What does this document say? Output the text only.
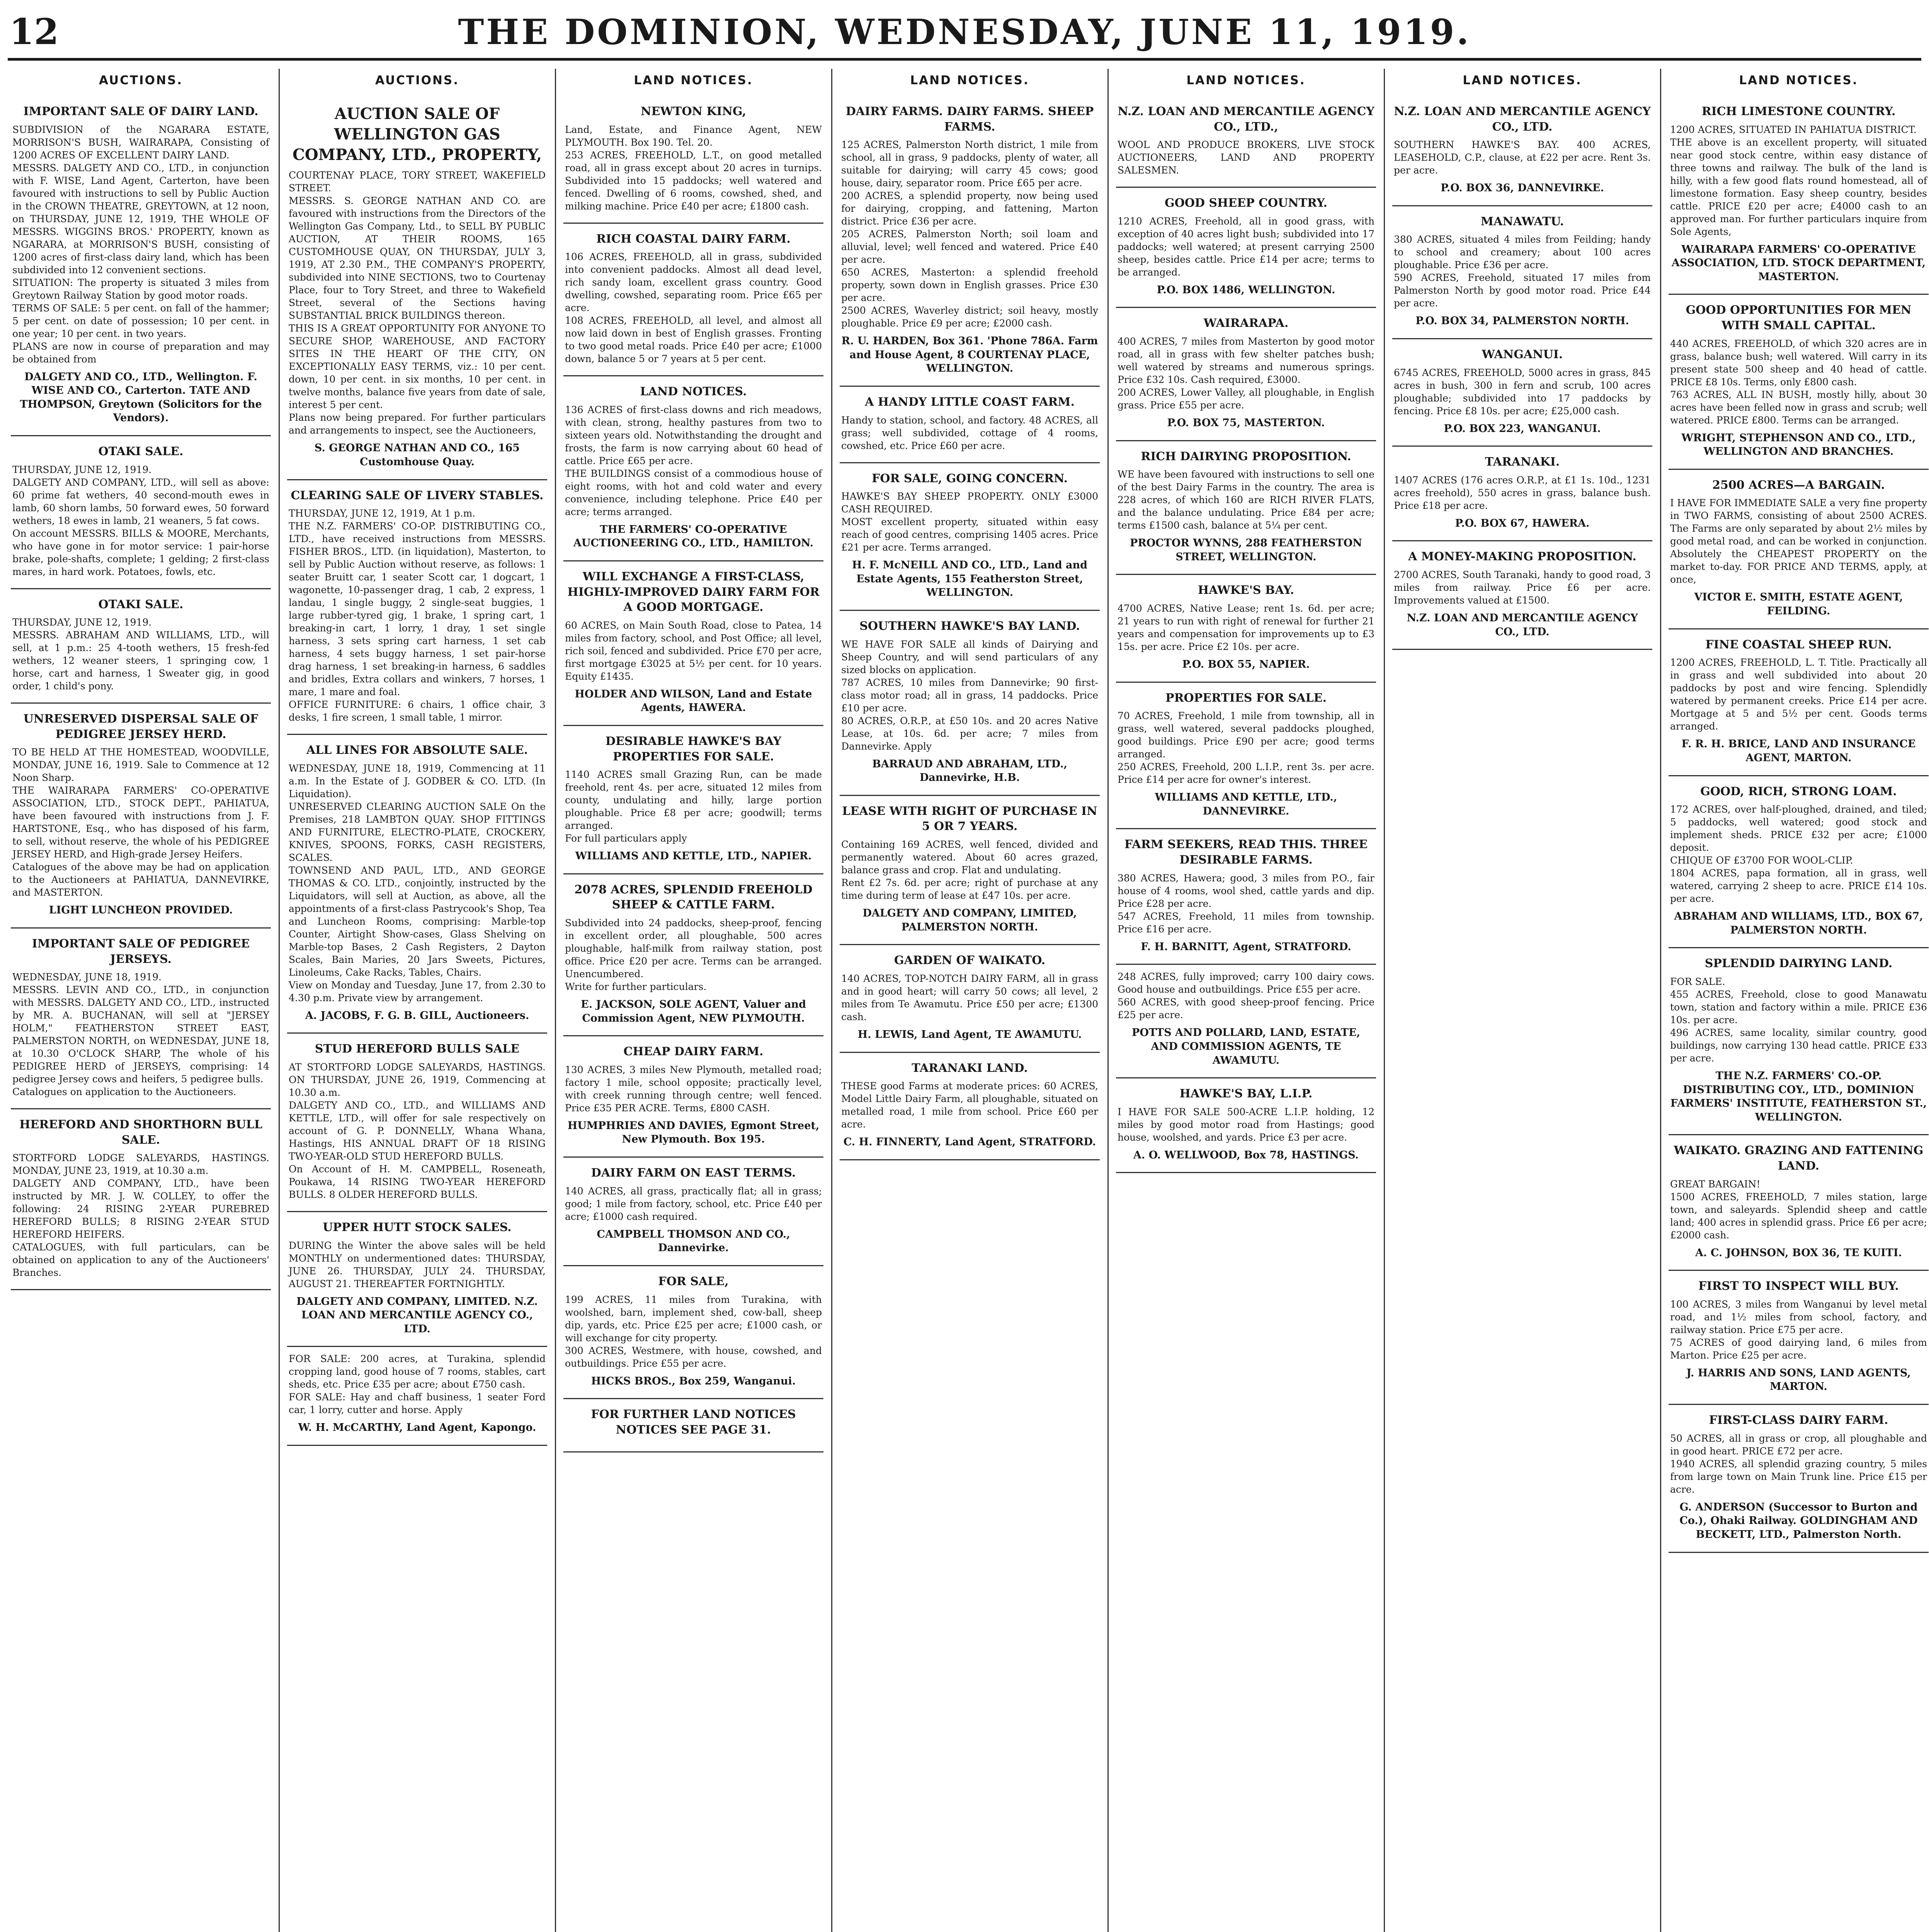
12	THE DOMINION, WEDNESDAY, JUNE 11, 1919.
AUCTIONS.
IMPORTANT SALE OF DAIRY LAND.
SUBDIVISION of the NGARARA ESTATE, MORRISON'S BUSH, WAIRARAPA, Consisting of 1200 ACRES OF EXCELLENT DAIRY LAND.
MESSRS. DALGETY AND CO., LTD., in conjunction with F. WISE, Land Agent, Carterton, have been favoured with instructions to sell by Public Auction in the CROWN THEATRE, GREYTOWN, at 12 noon, on THURSDAY, JUNE 12, 1919, THE WHOLE OF MESSRS. WIGGINS BROS.' PROPERTY, known as NGARARA, at MORRISON'S BUSH, consisting of 1200 acres of first-class dairy land, which has been subdivided into 12 convenient sections.
SITUATION: The property is situated 3 miles from Greytown Railway Station by good motor roads.
TERMS OF SALE: 5 per cent. on fall of the hammer; 5 per cent. on date of possession; 10 per cent. in one year; 10 per cent. in two years.
PLANS are now in course of preparation and may be obtained from
DALGETY AND CO., LTD., Wellington. F. WISE AND CO., Carterton. TATE AND THOMPSON, Greytown (Solicitors for the Vendors).
OTAKI SALE.
THURSDAY, JUNE 12, 1919.
DALGETY AND COMPANY, LTD., will sell as above: 60 prime fat wethers, 40 second-mouth ewes in lamb, 60 shorn lambs, 50 forward ewes, 50 forward wethers, 18 ewes in lamb, 21 weaners, 5 fat cows.
On account MESSRS. BILLS & MOORE, Merchants, who have gone in for motor service: 1 pair-horse brake, pole-shafts, complete; 1 gelding; 2 first-class mares, in hard work. Potatoes, fowls, etc.
OTAKI SALE.
THURSDAY, JUNE 12, 1919.
MESSRS. ABRAHAM AND WILLIAMS, LTD., will sell, at 1 p.m.: 25 4-tooth wethers, 15 fresh-fed wethers, 12 weaner steers, 1 springing cow, 1 horse, cart and harness, 1 Sweater gig, in good order, 1 child's pony.
UNRESERVED DISPERSAL SALE OF PEDIGREE JERSEY HERD.
TO BE HELD AT THE HOMESTEAD, WOODVILLE, MONDAY, JUNE 16, 1919. Sale to Commence at 12 Noon Sharp.
THE WAIRARAPA FARMERS' CO-OPERATIVE ASSOCIATION, LTD., STOCK DEPT., PAHIATUA, have been favoured with instructions from J. F. HARTSTONE, Esq., who has disposed of his farm, to sell, without reserve, the whole of his PEDIGREE JERSEY HERD, and High-grade Jersey Heifers.
Catalogues of the above may be had on application to the Auctioneers at PAHIATUA, DANNEVIRKE, and MASTERTON.
LIGHT LUNCHEON PROVIDED.
IMPORTANT SALE OF PEDIGREE JERSEYS.
WEDNESDAY, JUNE 18, 1919.
MESSRS. LEVIN AND CO., LTD., in conjunction with MESSRS. DALGETY AND CO., LTD., instructed by MR. A. BUCHANAN, will sell at "JERSEY HOLM," FEATHERSTON STREET EAST, PALMERSTON NORTH, on WEDNESDAY, JUNE 18, at 10.30 O'CLOCK SHARP, The whole of his PEDIGREE HERD of JERSEYS, comprising: 14 pedigree Jersey cows and heifers, 5 pedigree bulls.
Catalogues on application to the Auctioneers.
HEREFORD AND SHORTHORN BULL SALE.
STORTFORD LODGE SALEYARDS, HASTINGS. MONDAY, JUNE 23, 1919, at 10.30 a.m.
DALGETY AND COMPANY, LTD., have been instructed by MR. J. W. COLLEY, to offer the following: 24 RISING 2-YEAR PUREBRED HEREFORD BULLS; 8 RISING 2-YEAR STUD HEREFORD HEIFERS.
CATALOGUES, with full particulars, can be obtained on application to any of the Auctioneers' Branches.
AUCTIONS.
AUCTION SALE OF WELLINGTON GAS COMPANY, LTD., PROPERTY,
COURTENAY PLACE, TORY STREET, WAKEFIELD STREET.
MESSRS. S. GEORGE NATHAN AND CO. are favoured with instructions from the Directors of the Wellington Gas Company, Ltd., to SELL BY PUBLIC AUCTION, AT THEIR ROOMS, 165 CUSTOMHOUSE QUAY, ON THURSDAY, JULY 3, 1919, AT 2.30 P.M., THE COMPANY'S PROPERTY, subdivided into NINE SECTIONS, two to Courtenay Place, four to Tory Street, and three to Wakefield Street, several of the Sections having SUBSTANTIAL BRICK BUILDINGS thereon.
THIS IS A GREAT OPPORTUNITY FOR ANYONE TO SECURE SHOP, WAREHOUSE, AND FACTORY SITES IN THE HEART OF THE CITY, ON EXCEPTIONALLY EASY TERMS, viz.: 10 per cent. down, 10 per cent. in six months, 10 per cent. in twelve months, balance five years from date of sale, interest 5 per cent.
Plans now being prepared. For further particulars and arrangements to inspect, see the Auctioneers,
S. GEORGE NATHAN AND CO., 165 Customhouse Quay.
CLEARING SALE OF LIVERY STABLES.
THURSDAY, JUNE 12, 1919, At 1 p.m.
THE N.Z. FARMERS' CO-OP. DISTRIBUTING CO., LTD., have received instructions from MESSRS. FISHER BROS., LTD. (in liquidation), Masterton, to sell by Public Auction without reserve, as follows: 1 seater Bruitt car, 1 seater Scott car, 1 dogcart, 1 wagonette, 10-passenger drag, 1 cab, 2 express, 1 landau, 1 single buggy, 2 single-seat buggies, 1 large rubber-tyred gig, 1 brake, 1 spring cart, 1 breaking-in cart, 1 lorry, 1 dray, 1 set single harness, 3 sets spring cart harness, 1 set cab harness, 4 sets buggy harness, 1 set pair-horse drag harness, 1 set breaking-in harness, 6 saddles and bridles, Extra collars and winkers, 7 horses, 1 mare, 1 mare and foal.
OFFICE FURNITURE: 6 chairs, 1 office chair, 3 desks, 1 fire screen, 1 small table, 1 mirror.
ALL LINES FOR ABSOLUTE SALE.
WEDNESDAY, JUNE 18, 1919, Commencing at 11 a.m. In the Estate of J. GODBER & CO. LTD. (In Liquidation).
UNRESERVED CLEARING AUCTION SALE On the Premises, 218 LAMBTON QUAY. SHOP FITTINGS AND FURNITURE, ELECTRO-PLATE, CROCKERY, KNIVES, SPOONS, FORKS, CASH REGISTERS, SCALES.
TOWNSEND AND PAUL, LTD., AND GEORGE THOMAS & CO. LTD., conjointly, instructed by the Liquidators, will sell at Auction, as above, all the appointments of a first-class Pastrycook's Shop, Tea and Luncheon Rooms, comprising: Marble-top Counter, Airtight Show-cases, Glass Shelving on Marble-top Bases, 2 Cash Registers, 2 Dayton Scales, Bain Maries, 20 Jars Sweets, Pictures, Linoleums, Cake Racks, Tables, Chairs.
View on Monday and Tuesday, June 17, from 2.30 to 4.30 p.m. Private view by arrangement.
A. JACOBS, F. G. B. GILL, Auctioneers.
STUD HEREFORD BULLS SALE
AT STORTFORD LODGE SALEYARDS, HASTINGS. ON THURSDAY, JUNE 26, 1919, Commencing at 10.30 a.m.
DALGETY AND CO., LTD., and WILLIAMS AND KETTLE, LTD., will offer for sale respectively on account of G. P. DONNELLY, Whana Whana, Hastings, HIS ANNUAL DRAFT OF 18 RISING TWO-YEAR-OLD STUD HEREFORD BULLS.
On Account of H. M. CAMPBELL, Roseneath, Poukawa, 14 RISING TWO-YEAR HEREFORD BULLS. 8 OLDER HEREFORD BULLS.
UPPER HUTT STOCK SALES.
DURING the Winter the above sales will be held MONTHLY on undermentioned dates: THURSDAY, JUNE 26. THURSDAY, JULY 24. THURSDAY, AUGUST 21. THEREAFTER FORTNIGHTLY.
DALGETY AND COMPANY, LIMITED. N.Z. LOAN AND MERCANTILE AGENCY CO., LTD.
FOR SALE: 200 acres, at Turakina, splendid cropping land, good house of 7 rooms, stables, cart sheds, etc. Price £35 per acre; about £750 cash.
FOR SALE: Hay and chaff business, 1 seater Ford car, 1 lorry, cutter and horse. Apply
W. H. McCARTHY, Land Agent, Kapongo.
LAND NOTICES.
NEWTON KING,
Land, Estate, and Finance Agent, NEW PLYMOUTH. Box 190. Tel. 20.
253 ACRES, FREEHOLD, L.T., on good metalled road, all in grass except about 20 acres in turnips. Subdivided into 15 paddocks; well watered and fenced. Dwelling of 6 rooms, cowshed, shed, and milking machine. Price £40 per acre; £1800 cash.
RICH COASTAL DAIRY FARM.
106 ACRES, FREEHOLD, all in grass, subdivided into convenient paddocks. Almost all dead level, rich sandy loam, excellent grass country. Good dwelling, cowshed, separating room. Price £65 per acre.
108 ACRES, FREEHOLD, all level, and almost all now laid down in best of English grasses. Fronting to two good metal roads. Price £40 per acre; £1000 down, balance 5 or 7 years at 5 per cent.
LAND NOTICES.
136 ACRES of first-class downs and rich meadows, with clean, strong, healthy pastures from two to sixteen years old. Notwithstanding the drought and frosts, the farm is now carrying about 60 head of cattle. Price £65 per acre.
THE BUILDINGS consist of a commodious house of eight rooms, with hot and cold water and every convenience, including telephone. Price £40 per acre; terms arranged.
THE FARMERS' CO-OPERATIVE AUCTIONEERING CO., LTD., HAMILTON.
WILL EXCHANGE A FIRST-CLASS, HIGHLY-IMPROVED DAIRY FARM FOR A GOOD MORTGAGE.
60 ACRES, on Main South Road, close to Patea, 14 miles from factory, school, and Post Office; all level, rich soil, fenced and subdivided. Price £70 per acre, first mortgage £3025 at 5½ per cent. for 10 years. Equity £1435.
HOLDER AND WILSON, Land and Estate Agents, HAWERA.
DESIRABLE HAWKE'S BAY PROPERTIES FOR SALE.
1140 ACRES small Grazing Run, can be made freehold, rent 4s. per acre, situated 12 miles from county, undulating and hilly, large portion ploughable. Price £8 per acre; goodwill; terms arranged.
For full particulars apply
WILLIAMS AND KETTLE, LTD., NAPIER.
2078 ACRES, SPLENDID FREEHOLD SHEEP & CATTLE FARM.
Subdivided into 24 paddocks, sheep-proof, fencing in excellent order, all ploughable, 500 acres ploughable, half-milk from railway station, post office. Price £20 per acre. Terms can be arranged. Unencumbered.
Write for further particulars.
E. JACKSON, SOLE AGENT, Valuer and Commission Agent, NEW PLYMOUTH.
CHEAP DAIRY FARM.
130 ACRES, 3 miles New Plymouth, metalled road; factory 1 mile, school opposite; practically level, with creek running through centre; well fenced. Price £35 PER ACRE. Terms, £800 CASH.
HUMPHRIES AND DAVIES, Egmont Street, New Plymouth. Box 195.
DAIRY FARM ON EAST TERMS.
140 ACRES, all grass, practically flat; all in grass; good; 1 mile from factory, school, etc. Price £40 per acre; £1000 cash required.
CAMPBELL THOMSON AND CO., Dannevirke.
FOR SALE,
199 ACRES, 11 miles from Turakina, with woolshed, barn, implement shed, cow-ball, sheep dip, yards, etc. Price £25 per acre; £1000 cash, or will exchange for city property.
300 ACRES, Westmere, with house, cowshed, and outbuildings. Price £55 per acre.
HICKS BROS., Box 259, Wanganui.
FOR FURTHER LAND NOTICES NOTICES SEE PAGE 31.
LAND NOTICES.
DAIRY FARMS. DAIRY FARMS. SHEEP FARMS.
125 ACRES, Palmerston North district, 1 mile from school, all in grass, 9 paddocks, plenty of water, all suitable for dairying; will carry 45 cows; good house, dairy, separator room. Price £65 per acre.
200 ACRES, a splendid property, now being used for dairying, cropping, and fattening, Marton district. Price £36 per acre.
205 ACRES, Palmerston North; soil loam and alluvial, level; well fenced and watered. Price £40 per acre.
650 ACRES, Masterton: a splendid freehold property, sown down in English grasses. Price £30 per acre.
2500 ACRES, Waverley district; soil heavy, mostly ploughable. Price £9 per acre; £2000 cash.
R. U. HARDEN, Box 361. 'Phone 786A. Farm and House Agent, 8 COURTENAY PLACE, WELLINGTON.
A HANDY LITTLE COAST FARM.
Handy to station, school, and factory. 48 ACRES, all grass; well subdivided, cottage of 4 rooms, cowshed, etc. Price £60 per acre.
FOR SALE, GOING CONCERN.
HAWKE'S BAY SHEEP PROPERTY. ONLY £3000 CASH REQUIRED.
MOST excellent property, situated within easy reach of good centres, comprising 1405 acres. Price £21 per acre. Terms arranged.
H. F. McNEILL AND CO., LTD., Land and Estate Agents, 155 Featherston Street, WELLINGTON.
SOUTHERN HAWKE'S BAY LAND.
WE HAVE FOR SALE all kinds of Dairying and Sheep Country, and will send particulars of any sized blocks on application.
787 ACRES, 10 miles from Dannevirke; 90 first-class motor road; all in grass, 14 paddocks. Price £10 per acre.
80 ACRES, O.R.P., at £50 10s. and 20 acres Native Lease, at 10s. 6d. per acre; 7 miles from Dannevirke. Apply
BARRAUD AND ABRAHAM, LTD., Dannevirke, H.B.
LEASE WITH RIGHT OF PURCHASE IN 5 OR 7 YEARS.
Containing 169 ACRES, well fenced, divided and permanently watered. About 60 acres grazed, balance grass and crop. Flat and undulating.
Rent £2 7s. 6d. per acre; right of purchase at any time during term of lease at £47 10s. per acre.
DALGETY AND COMPANY, LIMITED, PALMERSTON NORTH.
GARDEN OF WAIKATO.
140 ACRES, TOP-NOTCH DAIRY FARM, all in grass and in good heart; will carry 50 cows; all level, 2 miles from Te Awamutu. Price £50 per acre; £1300 cash.
H. LEWIS, Land Agent, TE AWAMUTU.
TARANAKI LAND.
THESE good Farms at moderate prices: 60 ACRES, Model Little Dairy Farm, all ploughable, situated on metalled road, 1 mile from school. Price £60 per acre.
C. H. FINNERTY, Land Agent, STRATFORD.
LAND NOTICES.
N.Z. LOAN AND MERCANTILE AGENCY CO., LTD.,
WOOL AND PRODUCE BROKERS, LIVE STOCK AUCTIONEERS, LAND AND PROPERTY SALESMEN.
GOOD SHEEP COUNTRY.
1210 ACRES, Freehold, all in good grass, with exception of 40 acres light bush; subdivided into 17 paddocks; well watered; at present carrying 2500 sheep, besides cattle. Price £14 per acre; terms to be arranged.
P.O. BOX 1486, WELLINGTON.
WAIRARAPA.
400 ACRES, 7 miles from Masterton by good motor road, all in grass with few shelter patches bush; well watered by streams and numerous springs. Price £32 10s. Cash required, £3000.
200 ACRES, Lower Valley, all ploughable, in English grass. Price £55 per acre.
P.O. BOX 75, MASTERTON.
RICH DAIRYING PROPOSITION.
WE have been favoured with instructions to sell one of the best Dairy Farms in the country. The area is 228 acres, of which 160 are RICH RIVER FLATS, and the balance undulating. Price £84 per acre; terms £1500 cash, balance at 5¼ per cent.
PROCTOR WYNNS, 288 FEATHERSTON STREET, WELLINGTON.
HAWKE'S BAY.
4700 ACRES, Native Lease; rent 1s. 6d. per acre; 21 years to run with right of renewal for further 21 years and compensation for improvements up to £3 15s. per acre. Price £2 10s. per acre.
P.O. BOX 55, NAPIER.
PROPERTIES FOR SALE.
70 ACRES, Freehold, 1 mile from township, all in grass, well watered, several paddocks ploughed, good buildings. Price £90 per acre; good terms arranged.
250 ACRES, Freehold, 200 L.I.P., rent 3s. per acre. Price £14 per acre for owner's interest.
WILLIAMS AND KETTLE, LTD., DANNEVIRKE.
FARM SEEKERS, READ THIS. THREE DESIRABLE FARMS.
380 ACRES, Hawera; good, 3 miles from P.O., fair house of 4 rooms, wool shed, cattle yards and dip. Price £28 per acre.
547 ACRES, Freehold, 11 miles from township. Price £16 per acre.
F. H. BARNITT, Agent, STRATFORD.
248 ACRES, fully improved; carry 100 dairy cows. Good house and outbuildings. Price £55 per acre.
560 ACRES, with good sheep-proof fencing. Price £25 per acre.
POTTS AND POLLARD, LAND, ESTATE, AND COMMISSION AGENTS, TE AWAMUTU.
HAWKE'S BAY, L.I.P.
I HAVE FOR SALE 500-ACRE L.I.P. holding, 12 miles by good motor road from Hastings; good house, woolshed, and yards. Price £3 per acre.
A. O. WELLWOOD, Box 78, HASTINGS.
LAND NOTICES.
N.Z. LOAN AND MERCANTILE AGENCY CO., LTD.
SOUTHERN HAWKE'S BAY. 400 ACRES, LEASEHOLD, C.P., clause, at £22 per acre. Rent 3s. per acre.
P.O. BOX 36, DANNEVIRKE.
MANAWATU.
380 ACRES, situated 4 miles from Feilding; handy to school and creamery; about 100 acres ploughable. Price £36 per acre.
590 ACRES, Freehold, situated 17 miles from Palmerston North by good motor road. Price £44 per acre.
P.O. BOX 34, PALMERSTON NORTH.
WANGANUI.
6745 ACRES, FREEHOLD, 5000 acres in grass, 845 acres in bush, 300 in fern and scrub, 100 acres ploughable; subdivided into 17 paddocks by fencing. Price £8 10s. per acre; £25,000 cash.
P.O. BOX 223, WANGANUI.
TARANAKI.
1407 ACRES (176 acres O.R.P., at £1 1s. 10d., 1231 acres freehold), 550 acres in grass, balance bush. Price £18 per acre.
P.O. BOX 67, HAWERA.
A MONEY-MAKING PROPOSITION.
2700 ACRES, South Taranaki, handy to good road, 3 miles from railway. Price £6 per acre. Improvements valued at £1500.
N.Z. LOAN AND MERCANTILE AGENCY CO., LTD.
LAND NOTICES.
RICH LIMESTONE COUNTRY.
1200 ACRES, SITUATED IN PAHIATUA DISTRICT.
THE above is an excellent property, will situated near good stock centre, within easy distance of three towns and railway. The bulk of the land is hilly, with a few good flats round homestead, all of limestone formation. Easy sheep country, besides cattle. PRICE £20 per acre; £4000 cash to an approved man. For further particulars inquire from Sole Agents,
WAIRARAPA FARMERS' CO-OPERATIVE ASSOCIATION, LTD. STOCK DEPARTMENT, MASTERTON.
GOOD OPPORTUNITIES FOR MEN WITH SMALL CAPITAL.
440 ACRES, FREEHOLD, of which 320 acres are in grass, balance bush; well watered. Will carry in its present state 500 sheep and 40 head of cattle. PRICE £8 10s. Terms, only £800 cash.
763 ACRES, ALL IN BUSH, mostly hilly, about 30 acres have been felled now in grass and scrub; well watered. PRICE £800. Terms can be arranged.
WRIGHT, STEPHENSON AND CO., LTD., WELLINGTON AND BRANCHES.
2500 ACRES—A BARGAIN.
I HAVE FOR IMMEDIATE SALE a very fine property in TWO FARMS, consisting of about 2500 ACRES. The Farms are only separated by about 2½ miles by good metal road, and can be worked in conjunction. Absolutely the CHEAPEST PROPERTY on the market to-day. FOR PRICE AND TERMS, apply, at once,
VICTOR E. SMITH, ESTATE AGENT, FEILDING.
FINE COASTAL SHEEP RUN.
1200 ACRES, FREEHOLD, L. T. Title. Practically all in grass and well subdivided into about 20 paddocks by post and wire fencing. Splendidly watered by permanent creeks. Price £14 per acre. Mortgage at 5 and 5½ per cent. Goods terms arranged.
F. R. H. BRICE, LAND AND INSURANCE AGENT, MARTON.
GOOD, RICH, STRONG LOAM.
172 ACRES, over half-ploughed, drained, and tiled; 5 paddocks, well watered; good stock and implement sheds. PRICE £32 per acre; £1000 deposit.
CHIQUE OF £3700 FOR WOOL-CLIP.
1804 ACRES, papa formation, all in grass, well watered, carrying 2 sheep to acre. PRICE £14 10s. per acre.
ABRAHAM AND WILLIAMS, LTD., BOX 67, PALMERSTON NORTH.
SPLENDID DAIRYING LAND.
FOR SALE.
455 ACRES, Freehold, close to good Manawatu town, station and factory within a mile. PRICE £36 10s. per acre.
496 ACRES, same locality, similar country, good buildings, now carrying 130 head cattle. PRICE £33 per acre.
THE N.Z. FARMERS' CO.-OP. DISTRIBUTING COY., LTD., DOMINION FARMERS' INSTITUTE, FEATHERSTON ST., WELLINGTON.
WAIKATO. GRAZING AND FATTENING LAND.
GREAT BARGAIN!
1500 ACRES, FREEHOLD, 7 miles station, large town, and saleyards. Splendid sheep and cattle land; 400 acres in splendid grass. Price £6 per acre; £2000 cash.
A. C. JOHNSON, BOX 36, TE KUITI.
FIRST TO INSPECT WILL BUY.
100 ACRES, 3 miles from Wanganui by level metal road, and 1½ miles from school, factory, and railway station. Price £75 per acre.
75 ACRES of good dairying land, 6 miles from Marton. Price £25 per acre.
J. HARRIS AND SONS, LAND AGENTS, MARTON.
FIRST-CLASS DAIRY FARM.
50 ACRES, all in grass or crop, all ploughable and in good heart. PRICE £72 per acre.
1940 ACRES, all splendid grazing country, 5 miles from large town on Main Trunk line. Price £15 per acre.
G. ANDERSON (Successor to Burton and Co.), Ohaki Railway. GOLDINGHAM AND BECKETT, LTD., Palmerston North.
